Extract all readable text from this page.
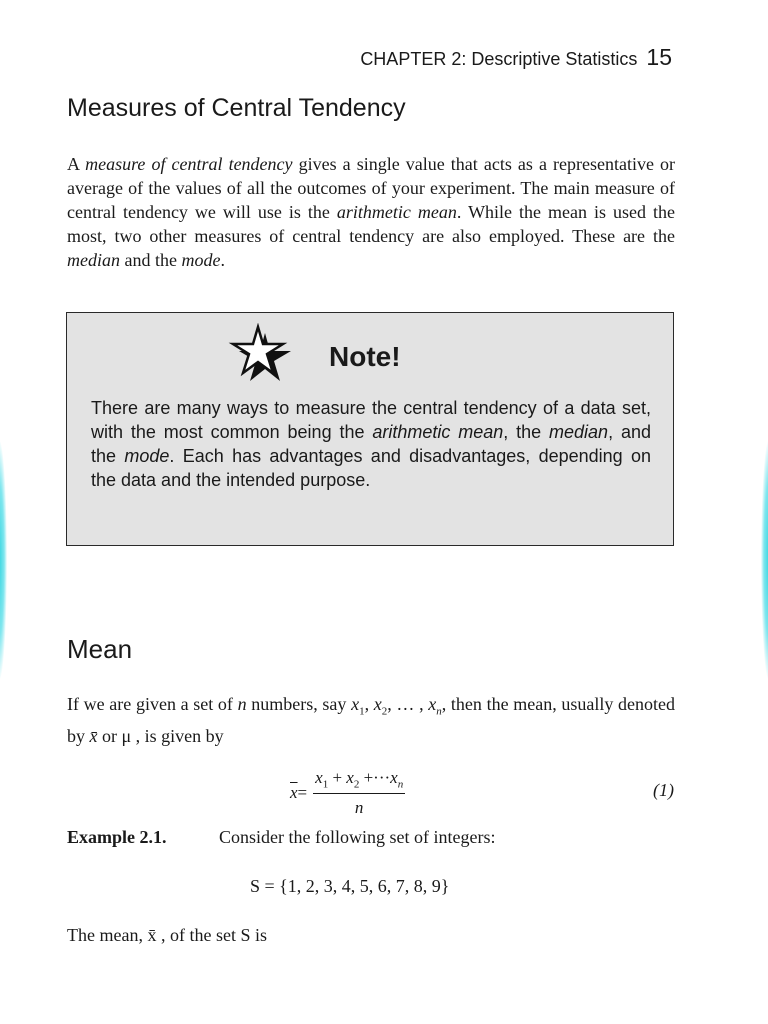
CHAPTER 2: Descriptive Statistics 15
Measures of Central Tendency

A measure of central tendency gives a single value that acts as a representative or average of the values of all the outcomes of your experiment. The main measure of central tendency we will use is the arithmetic mean. While the mean is used the most, two other measures of central tendency are also employed. These are the median and the mode.

Note!

There are many ways to measure the central tendency of a data set, with the most common being the arithmetic mean, the median, and the mode. Each has advantages and disadvantages, depending on the data and the intended purpose.

Mean

If we are given a set of n numbers, say $x_1$, $x_2$, … , $x_n$, then the mean, usually denoted by x̄ or μ , is given by

$\overline{x} = \frac{x_1 + x_2 +\cdot\cdot\cdot x_n}{n}$	(1)
Example 2.1.	Consider the following set of integers:
S = {1, 2, 3, 4, 5, 6, 7, 8, 9}
The mean, x̄ , of the set S is
